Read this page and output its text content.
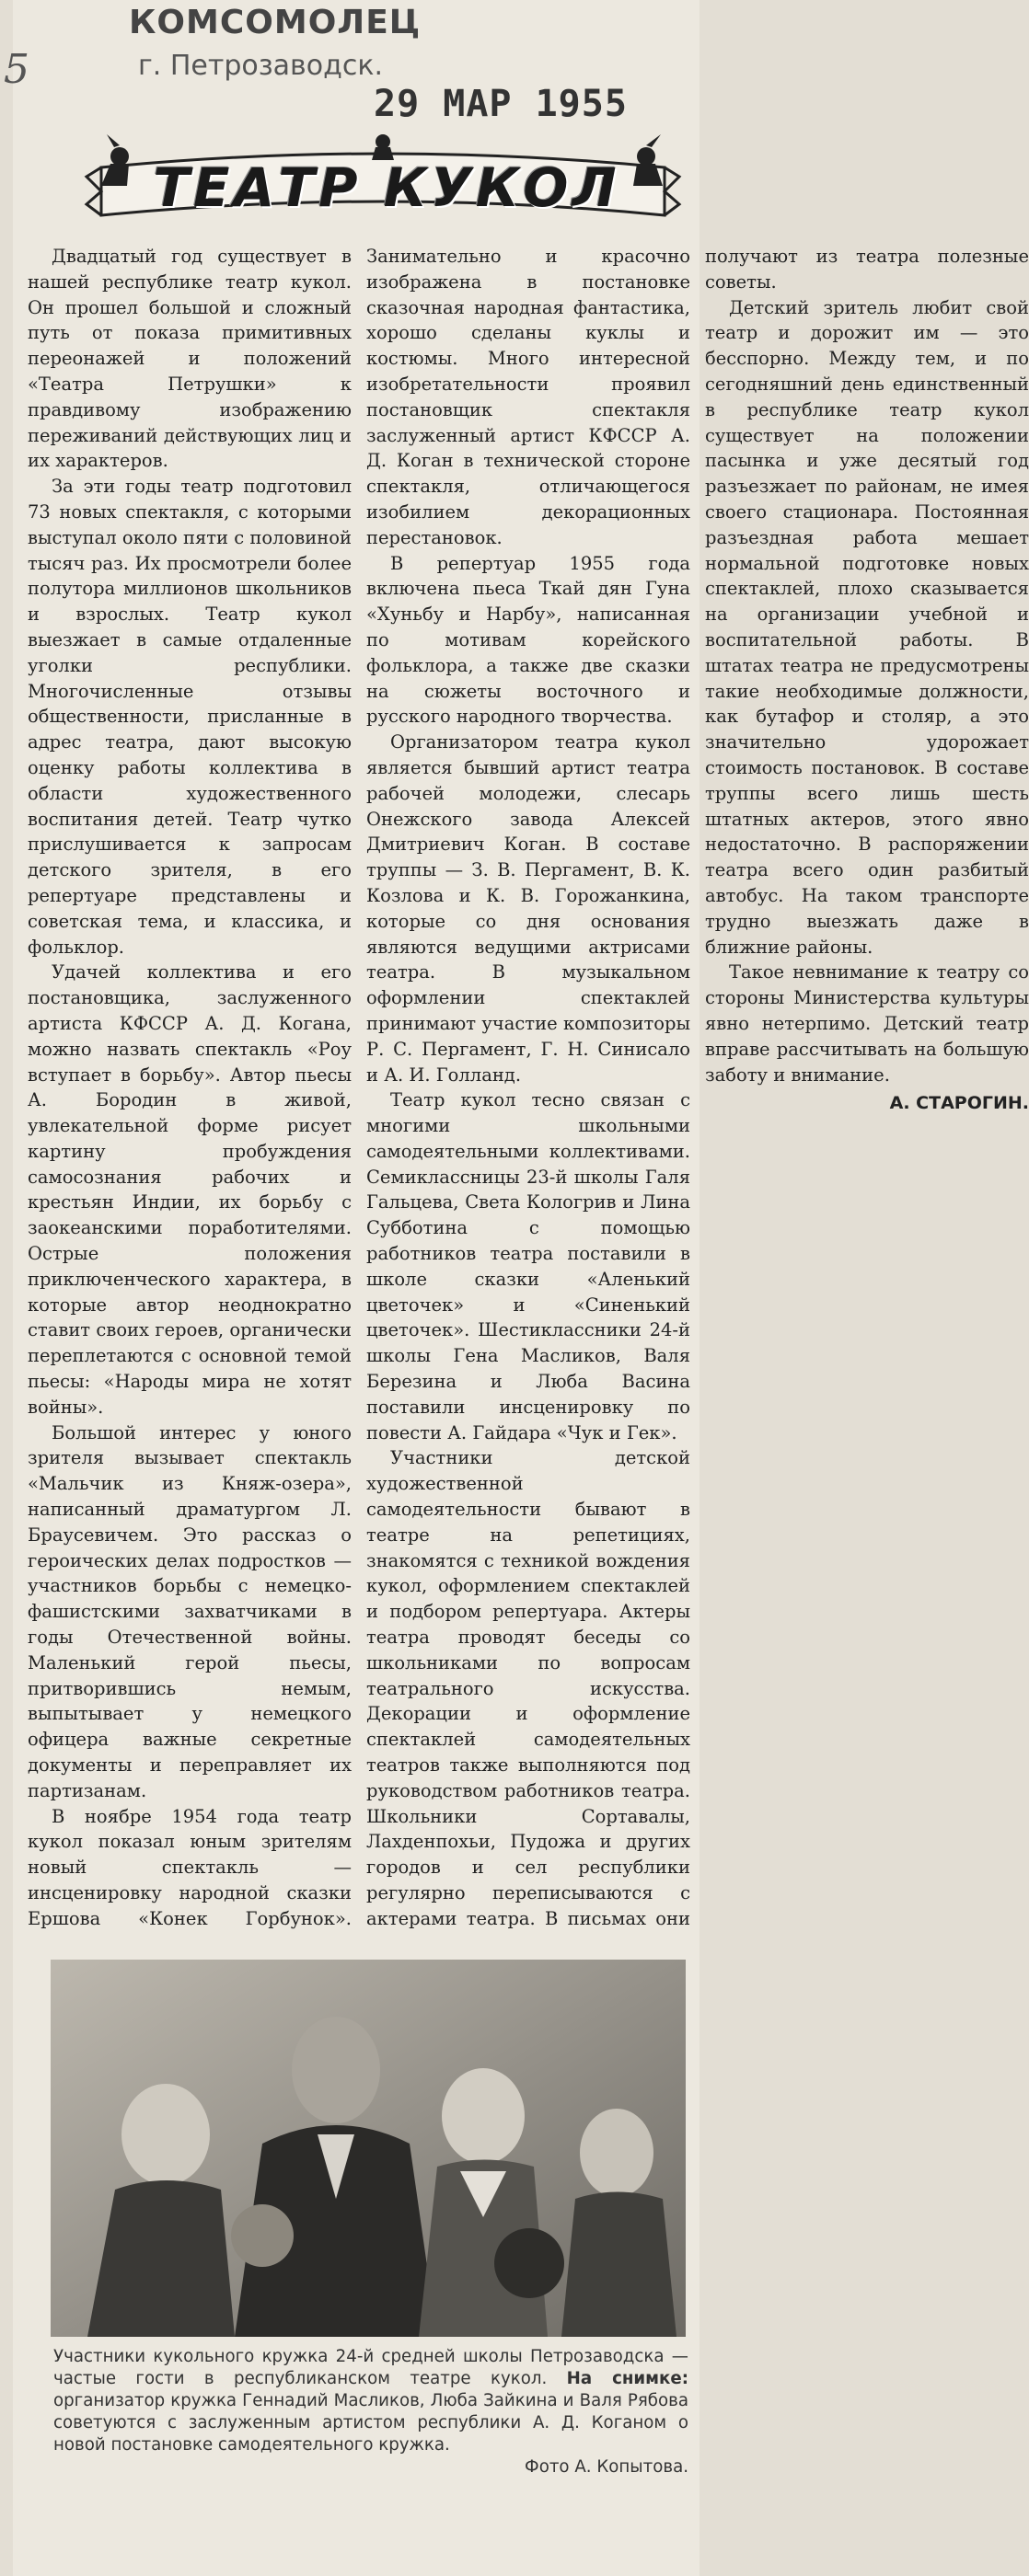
5
КОМСОМОЛЕЦ
г. Петрозаводск.
29 МАР 1955
ТЕАТР КУКОЛ

Двадцатый год существует в нашей республике театр кукол. Он прошел большой и сложный путь от показа примитивных переонажей и положений «Театра Петрушки» к правдивому изображению переживаний действующих лиц и их характеров.

За эти годы театр подготовил 73 новых спектакля, с которыми выступал около пяти с половиной тысяч раз. Их просмотрели более полутора миллионов школьников и взрослых. Театр кукол выезжает в самые отдаленные уголки республики. Многочисленные отзывы общественности, присланные в адрес театра, дают высокую оценку работы коллектива в области художественного воспитания детей. Театр чутко прислушивается к запросам детского зрителя, в его репертуаре представлены и советская тема, и классика, и фольклор.

Удачей коллектива и его постановщика, заслуженного артиста КФССР А. Д. Когана, можно назвать спектакль «Роу вступает в борьбу». Автор пьесы А. Бородин в живой, увлекательной форме рисует картину пробуждения самосознания рабочих и крестьян Индии, их борьбу с заокеанскими поработителями. Острые положения приключенческого характера, в которые автор неоднократно ставит своих героев, органически переплетаются с основной темой пьесы: «Народы мира не хотят войны».

Большой интерес у юного зрителя вызывает спектакль «Мальчик из Княж-озера», написанный драматургом Л. Браусевичем. Это рассказ о героических делах подростков — участников борьбы с немецко-фашистскими захватчиками в годы Отечественной войны. Маленький герой пьесы, притворившись немым, выпытывает у немецкого офицера важные секретные документы и переправляет их партизанам.

В ноябре 1954 года театр кукол показал юным зрителям новый спектакль — инсценировку народной сказки Ершова «Конек Горбунок». Занимательно и красочно изображена в постановке сказочная народная фантастика, хорошо сделаны куклы и костюмы. Много интересной изобретательности проявил постановщик спектакля заслуженный артист КФССР А. Д. Коган в технической стороне спектакля, отличающегося изобилием декорационных перестановок.

В репертуар 1955 года включена пьеса Ткай дян Гуна «Хуньбу и Нарбу», написанная по мотивам корейского фольклора, а также две сказки на сюжеты восточного и русского народного творчества.

Организатором театра кукол является бывший артист театра рабочей молодежи, слесарь Онежского завода Алексей Дмитриевич Коган. В составе труппы — З. В. Пергамент, В. К. Козлова и К. В. Горожанкина, которые со дня основания являются ведущими актрисами театра. В музыкальном оформлении спектаклей принимают участие композиторы Р. С. Пергамент, Г. Н. Синисало и А. И. Голланд.

Театр кукол тесно связан с многими школьными самодеятельными коллективами. Семиклассницы 23-й школы Галя Гальцева, Света Кологрив и Лина Субботина с помощью работников театра поставили в школе сказки «Аленький цветочек» и «Синенький цветочек». Шестиклассники 24-й школы Гена Масликов, Валя Березина и Люба Васина поставили инсценировку по повести А. Гайдара «Чук и Гек».

Участники детской художественной самодеятельности бывают в театре на репетициях, знакомятся с техникой вождения кукол, оформлением спектаклей и подбором репертуара. Актеры театра проводят беседы со школьниками по вопросам театрального искусства. Декорации и оформление спектаклей самодеятельных театров также выполняются под руководством работников театра. Школьники Сортавалы, Лахденпохьи, Пудожа и других городов и сел республики регулярно переписываются с актерами театра. В письмах они получают из театра полезные советы.

Детский зритель любит свой театр и дорожит им — это бесспорно. Между тем, и по сегодняшний день единственный в республике театр кукол существует на положении пасынка и уже десятый год разъезжает по районам, не имея своего стационара. Постоянная разъездная работа мешает нормальной подготовке новых спектаклей, плохо сказывается на организации учебной и воспитательной работы. В штатах театра не предусмотрены такие необходимые должности, как бутафор и столяр, а это значительно удорожает стоимость постановок. В составе труппы всего лишь шесть штатных актеров, этого явно недостаточно. В распоряжении театра всего один разбитый автобус. На таком транспорте трудно выезжать даже в ближние районы.

Такое невнимание к театру со стороны Министерства культуры явно нетерпимо. Детский театр вправе рассчитывать на большую заботу и внимание.

А. СТАРОГИН.

Участники кукольного кружка 24-й средней школы Петрозаводска — частые гости в республиканском театре кукол. На снимке: организатор кружка Геннадий Масликов, Люба Зайкина и Валя Рябова советуются с заслуженным артистом республики А. Д. Коганом о новой постановке самодеятельного кружка.
Фото А. Копытова.
